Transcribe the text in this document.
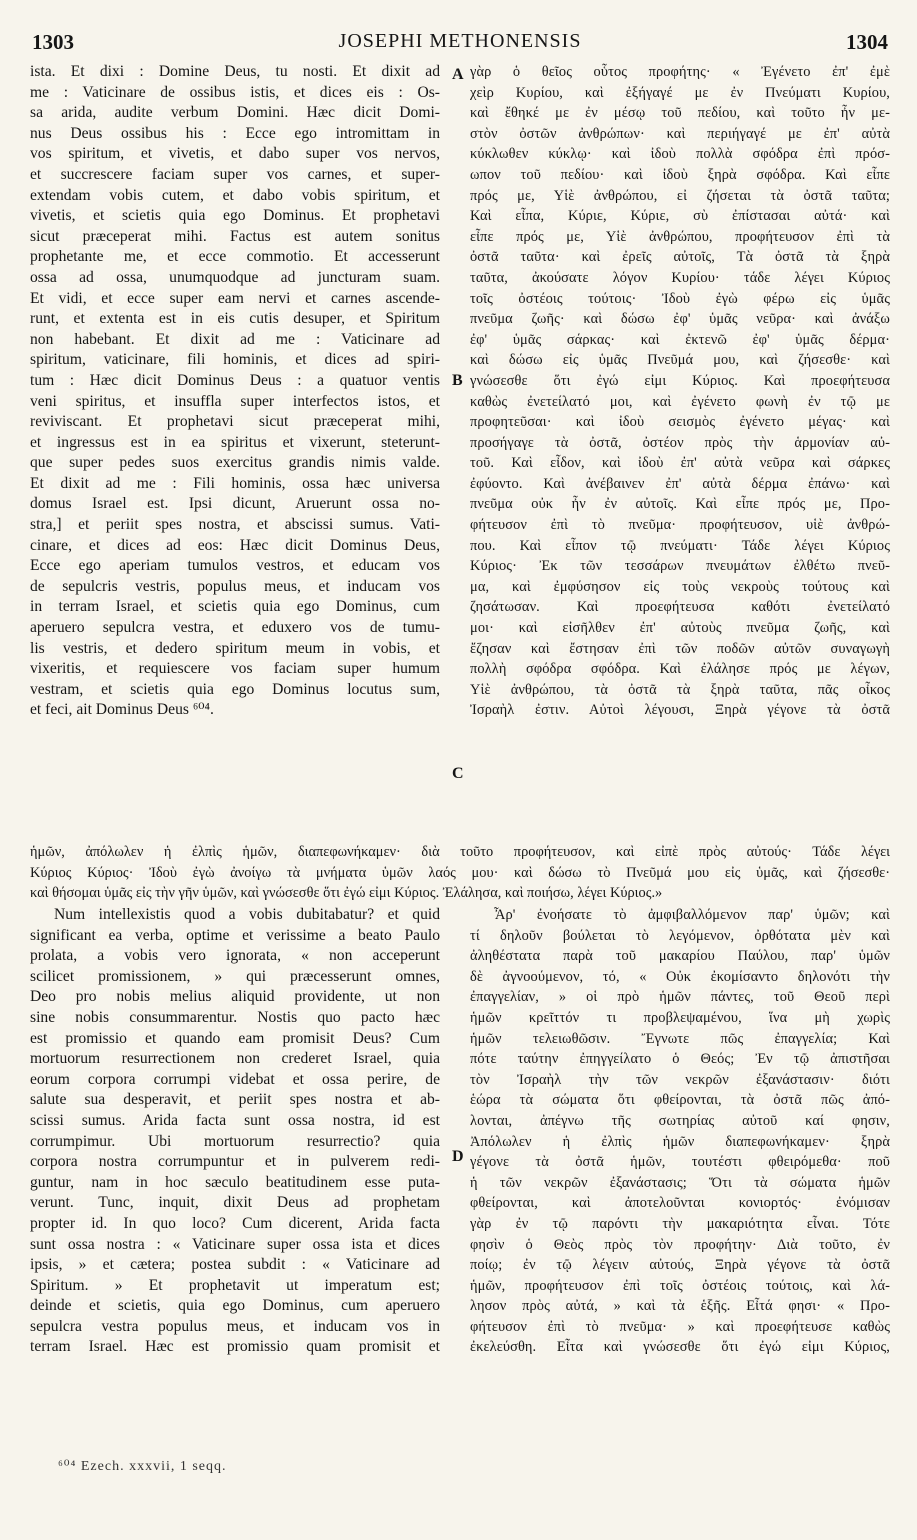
1303	JOSEPHI METHONENSIS	1304
A
B
C
D
ista. Et dixi : Domine Deus, tu nosti. Et dixit ad
me : Vaticinare de ossibus istis, et dices eis : Os-
sa arida, audite verbum Domini. Hæc dicit Domi-
nus Deus ossibus his : Ecce ego intromittam in
vos spiritum, et vivetis, et dabo super vos nervos,
et succrescere faciam super vos carnes, et super-
extendam vobis cutem, et dabo vobis spiritum, et
vivetis, et scietis quia ego Dominus. Et prophetavi
sicut præceperat mihi. Factus est autem sonitus
prophetante me, et ecce commotio. Et accesserunt
ossa ad ossa, unumquodque ad juncturam suam.
Et vidi, et ecce super eam nervi et carnes ascende-
runt, et extenta est in eis cutis desuper, et Spiritum
non habebant. Et dixit ad me : Vaticinare ad
spiritum, vaticinare, fili hominis, et dices ad spiri-
tum : Hæc dicit Dominus Deus : a quatuor ventis
veni spiritus, et insuffla super interfectos istos, et
reviviscant. Et prophetavi sicut præceperat mihi,
et ingressus est in ea spiritus et vixerunt, steterunt-
que super pedes suos exercitus grandis nimis valde.
Et dixit ad me : Fili hominis, ossa hæc universa
domus Israel est. Ipsi dicunt, Aruerunt ossa no-
stra,] et periit spes nostra, et abscissi sumus. Vati-
cinare, et dices ad eos: Hæc dicit Dominus Deus,
Ecce ego aperiam tumulos vestros, et educam vos
de sepulcris vestris, populus meus, et inducam vos
in terram Israel, et scietis quia ego Dominus, cum
aperuero sepulcra vestra, et eduxero vos de tumu-
lis vestris, et dedero spiritum meum in vobis, et
vixeritis, et requiescere vos faciam super humum
vestram, et scietis quia ego Dominus locutus sum,
et feci, ait Dominus Deus ⁶⁰⁴.
γὰρ ὁ θεῖος οὗτος προφήτης· « Ἐγένετο ἐπ' ἐμὲ
χεὶρ Κυρίου, καὶ ἐξήγαγέ με ἐν Πνεύματι Κυρίου,
καὶ ἔθηκέ με ἐν μέσῳ τοῦ πεδίου, καὶ τοῦτο ἦν με-
στὸν ὀστῶν ἀνθρώπων· καὶ περιήγαγέ με ἐπ' αὐτὰ
κύκλωθεν κύκλῳ· καὶ ἰδοὺ πολλὰ σφόδρα ἐπὶ πρόσ-
ωπον τοῦ πεδίου· καὶ ἰδοὺ ξηρὰ σφόδρα. Καὶ εἶπε
πρός με, Υἱὲ ἀνθρώπου, εἰ ζήσεται τὰ ὀστᾶ ταῦτα;
Καὶ εἶπα, Κύριε, Κύριε, σὺ ἐπίστασαι αὐτά· καὶ
εἶπε πρός με, Υἱὲ ἀνθρώπου, προφήτευσον ἐπὶ τὰ
ὀστᾶ ταῦτα· καὶ ἐρεῖς αὐτοῖς, Τὰ ὀστᾶ τὰ ξηρὰ
ταῦτα, ἀκούσατε λόγον Κυρίου· τάδε λέγει Κύριος
τοῖς ὀστέοις τούτοις· Ἰδοὺ ἐγὼ φέρω εἰς ὑμᾶς
πνεῦμα ζωῆς· καὶ δώσω ἐφ' ὑμᾶς νεῦρα· καὶ ἀνάξω
ἐφ' ὑμᾶς σάρκας· καὶ ἐκτενῶ ἐφ' ὑμᾶς δέρμα·
καὶ δώσω εἰς ὑμᾶς Πνεῦμά μου, καὶ ζήσεσθε· καὶ
γνώσεσθε ὅτι ἐγώ εἰμι Κύριος. Καὶ προεφήτευσα
καθὼς ἐνετείλατό μοι, καὶ ἐγένετο φωνὴ ἐν τῷ με
προφητεῦσαι· καὶ ἰδοὺ σεισμὸς ἐγένετο μέγας· καὶ
προσήγαγε τὰ ὀστᾶ, ὀστέον πρὸς τὴν ἁρμονίαν αὐ-
τοῦ. Καὶ εἶδον, καὶ ἰδοὺ ἐπ' αὐτὰ νεῦρα καὶ σάρκες
ἐφύοντο. Καὶ ἀνέβαινεν ἐπ' αὐτὰ δέρμα ἐπάνω· καὶ
πνεῦμα οὐκ ἦν ἐν αὐτοῖς. Καὶ εἶπε πρός με, Προ-
φήτευσον ἐπὶ τὸ πνεῦμα· προφήτευσον, υἱὲ ἀνθρώ-
που. Καὶ εἶπον τῷ πνεύματι· Τάδε λέγει Κύριος
Κύριος· Ἐκ τῶν τεσσάρων πνευμάτων ἐλθέτω πνεῦ-
μα, καὶ ἐμφύσησον εἰς τοὺς νεκροὺς τούτους καὶ
ζησάτωσαν. Καὶ προεφήτευσα καθότι ἐνετείλατό
μοι· καὶ εἰσῆλθεν ἐπ' αὐτοὺς πνεῦμα ζωῆς, καὶ
ἔζησαν καὶ ἔστησαν ἐπὶ τῶν ποδῶν αὐτῶν συναγωγὴ
πολλὴ σφόδρα σφόδρα. Καὶ ἐλάλησε πρός με λέγων,
Υἱὲ ἀνθρώπου, τὰ ὀστᾶ τὰ ξηρὰ ταῦτα, πᾶς οἶκος
Ἰσραὴλ ἐστιν. Αὐτοὶ λέγουσι, Ξηρὰ γέγονε τὰ ὀστᾶ
ἡμῶν, ἀπόλωλεν ἡ ἐλπὶς ἡμῶν, διαπεφωνήκαμεν· διὰ τοῦτο προφήτευσον, καὶ εἰπὲ πρὸς αὐτούς· Τάδε λέγει
Κύριος Κύριος· Ἰδοὺ ἐγὼ ἀνοίγω τὰ μνήματα ὑμῶν λαός μου· καὶ δώσω τὸ Πνεῦμά μου εἰς ὑμᾶς, καὶ ζήσεσθε·
καὶ θήσομαι ὑμᾶς εἰς τὴν γῆν ὑμῶν, καὶ γνώσεσθε ὅτι ἐγώ εἰμι Κύριος. Ἐλάλησα, καὶ ποιήσω, λέγει Κύριος.»
Num intellexistis quod a vobis dubitabatur? et quid
significant ea verba, optime et verissime a beato Paulo
prolata, a vobis vero ignorata, « non acceperunt
scilicet promissionem, » qui præcesserunt omnes,
Deo pro nobis melius aliquid providente, ut non
sine nobis consummarentur. Nostis quo pacto hæc
est promissio et quando eam promisit Deus? Cum
mortuorum resurrectionem non crederet Israel, quia
eorum corpora corrumpi videbat et ossa perire, de
salute sua desperavit, et periit spes nostra et ab-
scissi sumus. Arida facta sunt ossa nostra, id est
corrumpimur. Ubi mortuorum resurrectio? quia
corpora nostra corrumpuntur et in pulverem redi-
guntur, nam in hoc sæculo beatitudinem esse puta-
verunt. Tunc, inquit, dixit Deus ad prophetam
propter id. In quo loco? Cum dicerent, Arida facta
sunt ossa nostra : « Vaticinare super ossa ista et dices
ipsis, » et cætera; postea subdit : « Vaticinare ad
Spiritum. » Et prophetavit ut imperatum est;
deinde et scietis, quia ego Dominus, cum aperuero
sepulcra vestra populus meus, et inducam vos in
terram Israel. Hæc est promissio quam promisit et
Ἆρ' ἐνοήσατε τὸ ἀμφιβαλλόμενον παρ' ὑμῶν; καὶ
τί δηλοῦν βούλεται τὸ λεγόμενον, ὀρθότατα μὲν καὶ
ἀληθέστατα παρὰ τοῦ μακαρίου Παύλου, παρ' ὑμῶν
δὲ ἀγνοούμενον, τό, « Οὐκ ἐκομίσαντο δηλονότι τὴν
ἐπαγγελίαν, » οἱ πρὸ ἡμῶν πάντες, τοῦ Θεοῦ περὶ
ἡμῶν κρεῖττόν τι προβλεψαμένου, ἵνα μὴ χωρὶς
ἡμῶν τελειωθῶσιν. Ἔγνωτε πῶς ἐπαγγελία; Καὶ
πότε ταύτην ἐπηγγείλατο ὁ Θεός; Ἐν τῷ ἀπιστῆσαι
τὸν Ἰσραὴλ τὴν τῶν νεκρῶν ἐξανάστασιν· διότι
ἑώρα τὰ σώματα ὅτι φθείρονται, τὰ ὀστᾶ πῶς ἀπό-
λονται, ἀπέγνω τῆς σωτηρίας αὐτοῦ καί φησιν,
Ἀπόλωλεν ἡ ἐλπὶς ἡμῶν διαπεφωνήκαμεν· ξηρὰ
γέγονε τὰ ὀστᾶ ἡμῶν, τουτέστι φθειρόμεθα· ποῦ
ἡ τῶν νεκρῶν ἐξανάστασις; Ὅτι τὰ σώματα ἡμῶν
φθείρονται, καὶ ἀποτελοῦνται κονιορτός· ἐνόμισαν
γὰρ ἐν τῷ παρόντι τὴν μακαριότητα εἶναι. Τότε
φησὶν ὁ Θεὸς πρὸς τὸν προφήτην· Διὰ τοῦτο, ἐν
ποίῳ; ἐν τῷ λέγειν αὐτούς, Ξηρὰ γέγονε τὰ ὀστᾶ
ἡμῶν, προφήτευσον ἐπὶ τοῖς ὀστέοις τούτοις, καὶ λά-
λησον πρὸς αὐτά, » καὶ τὰ ἑξῆς. Εἶτά φησι· « Προ-
φήτευσον ἐπὶ τὸ πνεῦμα· » καὶ προεφήτευσε καθὼς
ἐκελεύσθη. Εἶτα καὶ γνώσεσθε ὅτι ἐγώ εἰμι Κύριος,
⁶⁰⁴ Ezech. xxxvii, 1 seqq.
